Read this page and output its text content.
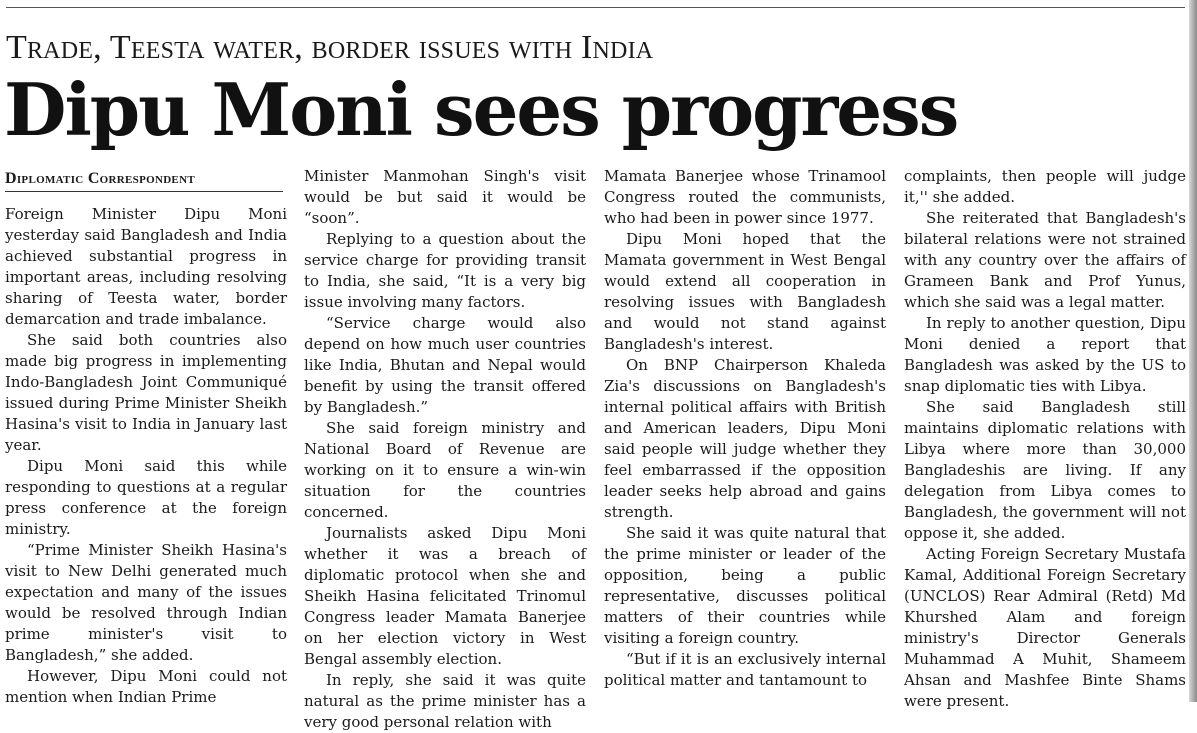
Trade, Teesta water, border issues with India
Dipu Moni sees progress
Diplomatic Correspondent

Foreign Minister Dipu Moni yesterday said Bangladesh and India achieved substantial progress in important areas, including resolving sharing of Teesta water, border demarcation and trade imbalance.

She said both countries also made big progress in implementing Indo-Bangladesh Joint Communiqué issued during Prime Minister Sheikh Hasina's visit to India in January last year.

Dipu Moni said this while responding to questions at a regular press conference at the foreign ministry.

“Prime Minister Sheikh Hasina's visit to New Delhi generated much expectation and many of the issues would be resolved through Indian prime minister's visit to Bangladesh,” she added.

However, Dipu Moni could not mention when Indian Prime

Minister Manmohan Singh's visit would be but said it would be “soon”.

Replying to a question about the service charge for providing transit to India, she said, “It is a very big issue involving many factors.

“Service charge would also depend on how much user countries like India, Bhutan and Nepal would benefit by using the transit offered by Bangladesh.”

She said foreign ministry and National Board of Revenue are working on it to ensure a win-win situation for the countries concerned.

Journalists asked Dipu Moni whether it was a breach of diplomatic protocol when she and Sheikh Hasina felicitated Trinomul Congress leader Mamata Banerjee on her election victory in West Bengal assembly election.

In reply, she said it was quite natural as the prime minister has a very good personal relation with

Mamata Banerjee whose Trinamool Congress routed the communists, who had been in power since 1977.

Dipu Moni hoped that the Mamata government in West Bengal would extend all cooperation in resolving issues with Bangladesh and would not stand against Bangladesh's interest.

On BNP Chairperson Khaleda Zia's discussions on Bangladesh's internal political affairs with British and American leaders, Dipu Moni said people will judge whether they feel embarrassed if the opposition leader seeks help abroad and gains strength.

She said it was quite natural that the prime minister or leader of the opposition, being a public representative, discusses political matters of their countries while visiting a foreign country.

“But if it is an exclusively internal political matter and tantamount to

complaints, then people will judge it,'' she added.

She reiterated that Bangladesh's bilateral relations were not strained with any country over the affairs of Grameen Bank and Prof Yunus, which she said was a legal matter.

In reply to another question, Dipu Moni denied a report that Bangladesh was asked by the US to snap diplomatic ties with Libya.

She said Bangladesh still maintains diplomatic relations with Libya where more than 30,000 Bangladeshis are living. If any delegation from Libya comes to Bangladesh, the government will not oppose it, she added.

Acting Foreign Secretary Mustafa Kamal, Additional Foreign Secretary (UNCLOS) Rear Admiral (Retd) Md Khurshed Alam and foreign ministry's Director Generals Muhammad A Muhit, Shameem Ahsan and Mashfee Binte Shams were present.
